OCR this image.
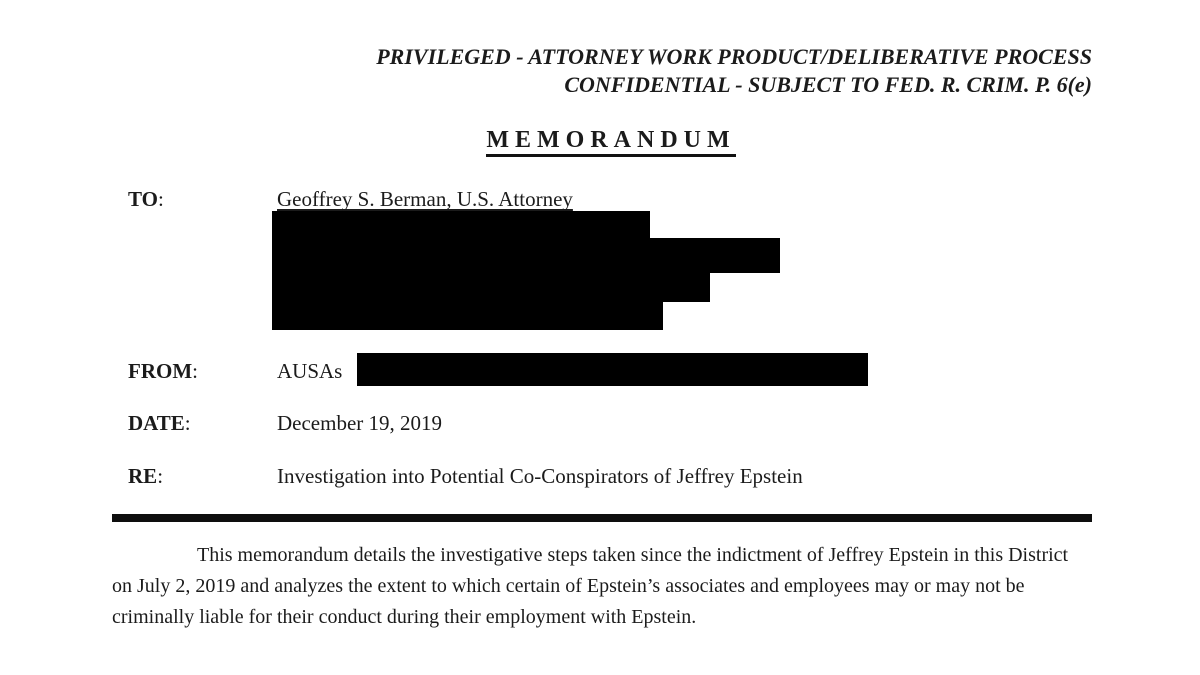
PRIVILEGED - ATTORNEY WORK PRODUCT/DELIBERATIVE PROCESS
CONFIDENTIAL - SUBJECT TO FED. R. CRIM. P. 6(e)
MEMORANDUM
TO:	Geoffrey S. Berman, U.S. Attorney
FROM:	AUSAs
DATE:	December 19, 2019
RE:	Investigation into Potential Co-Conspirators of Jeffrey Epstein
This memorandum details the investigative steps taken since the indictment of Jeffrey Epstein in this District on July 2, 2019 and analyzes the extent to which certain of Epstein’s associates and employees may or may not be criminally liable for their conduct during their employment with Epstein.
